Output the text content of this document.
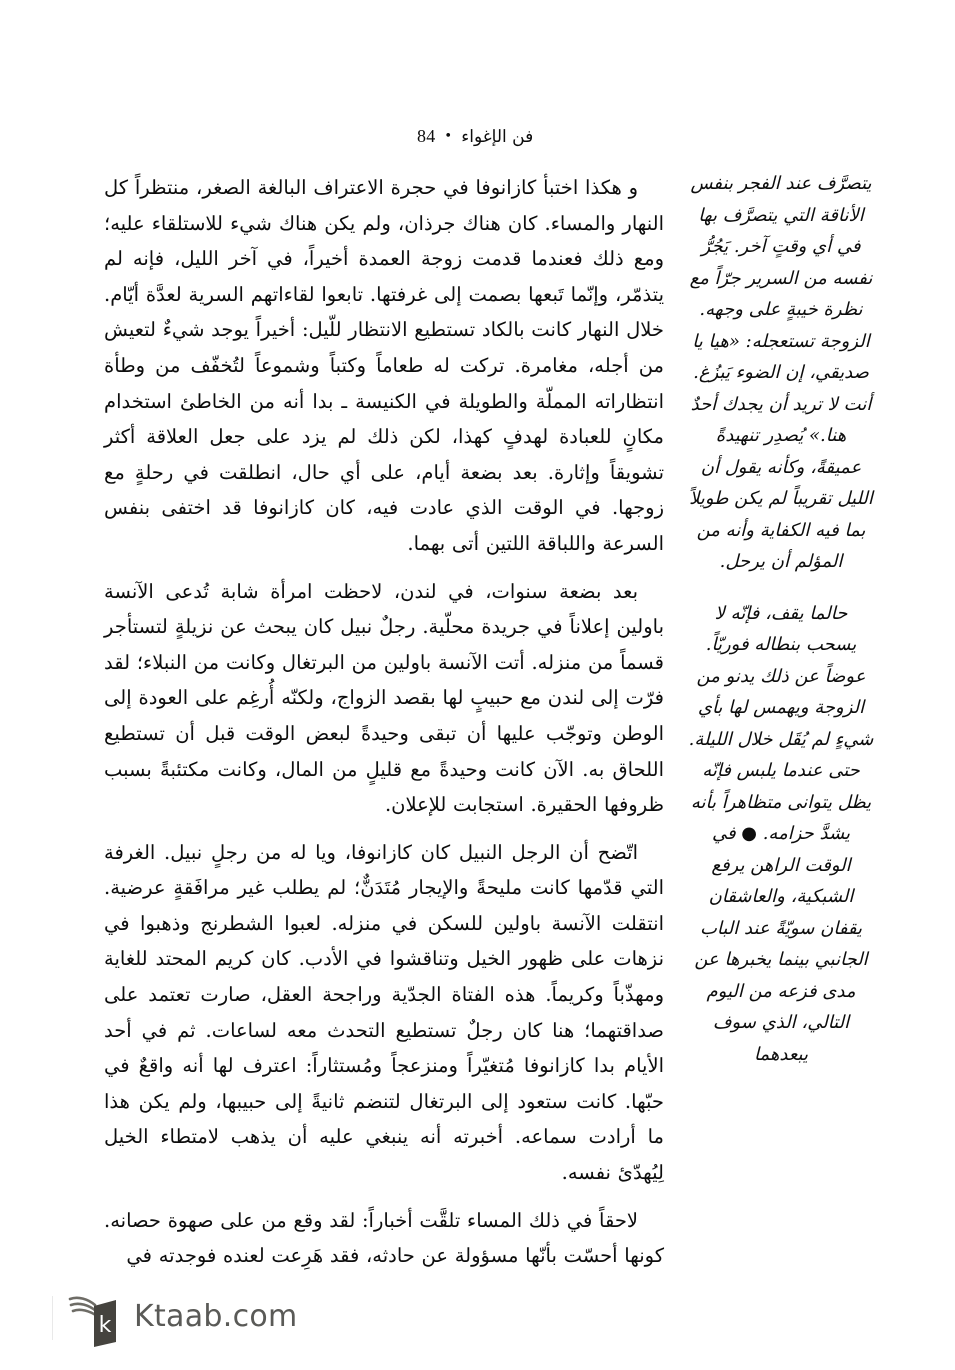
فن الإغواء
•
84

و هكذا اختبأ كازانوفا في حجرة الاعتراف البالغة الصغر، منتظراً كل النهار والمساء. كان هناك جرذان، ولم يكن هناك شيء للاستلقاء عليه؛ ومع ذلك فعندما قدمت زوجة العمدة أخيراً، في آخر الليل، فإنه لم يتذمّر، وإنّما تَبعها بصمت إلى غرفتها. تابعوا لقاءاتهم السرية لعدَّة أيّام. خلال النهار كانت بالكاد تستطيع الانتظار للّيل: أخيراً يوجد شيءٌ لتعيش من أجله، مغامرة. تركت له طعاماً وكتباً وشموعاً لتُخفّف من وطأة انتظاراته المملّة والطويلة في الكنيسة ـ بدا أنه من الخاطئ استخدام مكانٍ للعبادة لهدفٍ كهذا، لكن ذلك لم يزد على جعل العلاقة أكثر تشويقاً وإثارة. بعد بضعة أيام، على أي حال، انطلقت في رحلةٍ مع زوجها. في الوقت الذي عادت فيه، كان كازانوفا قد اختفى بنفس السرعة واللباقة اللتين أتى بهما.

بعد بضعة سنوات، في لندن، لاحظت امرأة شابة تُدعى الآنسة باولين إعلاناً في جريدة محلّية. رجلٌ نبيل كان يبحث عن نزيلةٍ لتستأجر قسماً من منزله. أتت الآنسة باولين من البرتغال وكانت من النبلاء؛ لقد فرّت إلى لندن مع حبيبٍ لها بقصد الزواج، ولكنّه أُرغِم على العودة إلى الوطن وتوجّب عليها أن تبقى وحيدةً لبعض الوقت قبل أن تستطيع اللحاق به. الآن كانت وحيدةً مع قليلٍ من المال، وكانت مكتئبةً بسبب ظروفها الحقيرة. استجابت للإعلان.

اتّضح أن الرجل النبيل كان كازانوفا، ويا له من رجلٍ نبيل. الغرفة التي قدّمها كانت مليحةً والإيجار مُتَدَنٌّ؛ لم يطلب غير مرافَقةٍ عرضية. انتقلت الآنسة باولين للسكن في منزله. لعبوا الشطرنج وذهبوا في نزهات على ظهور الخيل وتناقشوا في الأدب. كان كريم المحتد للغاية ومهذّباً وكريماً. هذه الفتاة الجدّية وراجحة العقل، صارت تعتمد على صداقتهما؛ هنا كان رجلٌ تستطيع التحدث معه لساعات. ثم في أحد الأيام بدا كازانوفا مُتغيّراً ومنزعجاً ومُستثاراً: اعترف لها أنه واقعٌ في حبّها. كانت ستعود إلى البرتغال لتنضم ثانيةً إلى حبيبها، ولم يكن هذا ما أرادت سماعه. أخبرته أنه ينبغي عليه أن يذهب لامتطاء الخيل لِيُهدّئ نفسه.

لاحقاً في ذلك المساء تلقَّت أخباراً: لقد وقع من على صهوة حصانه. كونها أحسّت بأنّها مسؤولة عن حادثه، فقد هَرِعت لعنده فوجدته في

يتصرَّف عند الفجر بنفس الأناقة التي يتصرَّف بها في أي وقتٍ آخر. يَجُرُّ نفسه من السرير جرّاً مع نظرة خيبةٍ على وجهه. الزوجة تستعجله: «هيا يا صديقي، إن الضوء يَبزُغ. أنت لا تريد أن يجدك أحدٌ هنا.» يُصدِر تنهيدةً عميقةً، وكأنه يقول أن الليل تقريباً لم يكن طويلاً بما فيه الكفاية وأنه من المؤلم أن يرحل.

حالما يقف، فإنّه لا يسحب بنطاله فوريّاً. عوضاً عن ذلك يدنو من الزوجة ويهمس لها بأي شيءٍ لم يُقَل خلال الليلة. حتى عندما يلبس فإنّه يظل يتوانى متظاهراً بأنه يشدَّ حزامه. ● في الوقت الراهن يرفع الشبكية، والعاشقان يقفان سويّةً عند الباب الجانبي بينما يخبرها عن مدى فزعه من اليوم التالي، الذي سوف يبعدهما

k Ktaab.com
